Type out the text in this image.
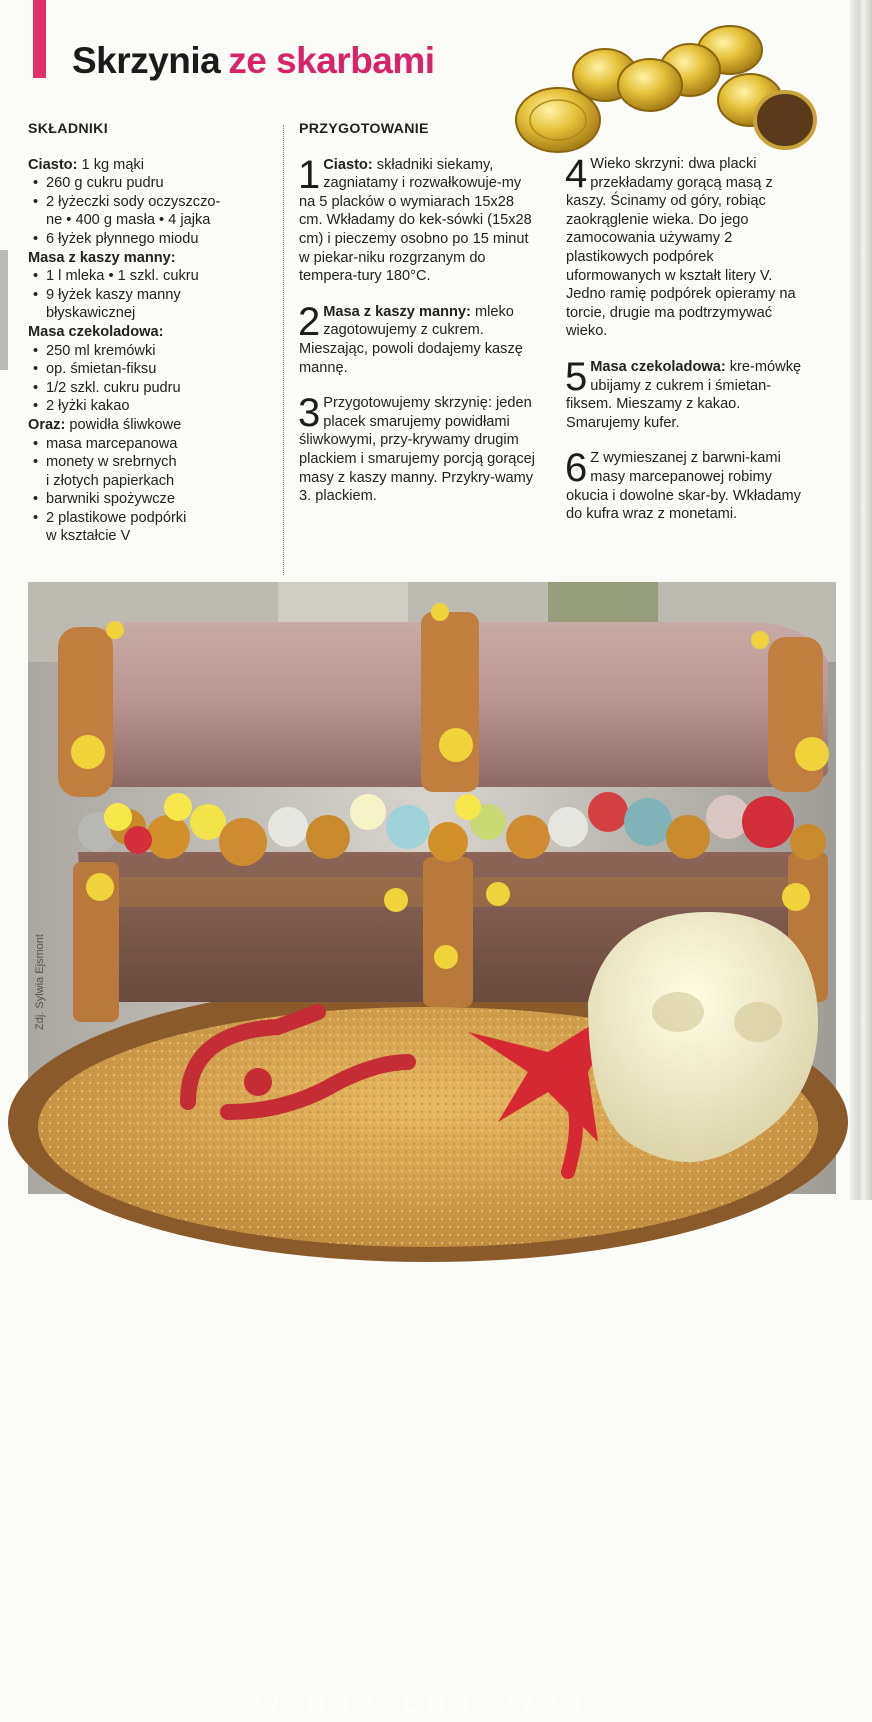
Skrzynia ze skarbami
SKŁADNIKI
Ciasto: 1 kg mąki
• 260 g cukru pudru
• 2 łyżeczki sody oczyszczo-
ne • 400 g masła • 4 jajka
• 6 łyżek płynnego miodu
Masa z kaszy manny:
• 1 l mleka • 1 szkl. cukru
• 9 łyżek kaszy manny
błyskawicznej
Masa czekoladowa:
• 250 ml kremówki
• op. śmietan-fiksu
• 1/2 szkl. cukru pudru
• 2 łyżki kakao
Oraz: powidła śliwkowe
• masa marcepanowa
• monety w srebrnych
i złotych papierkach
• barwniki spożywcze
• 2 plastikowe podpórki
w kształcie V
PRZYGOTOWANIE
1 Ciasto: składniki siekamy, zagniatamy i rozwałkowuje-my na 5 placków o wymiarach 15x28 cm. Wkładamy do kek-sówki (15x28 cm) i pieczemy osobno po 15 minut w piekar-niku rozgrzanym do tempera-tury 180°C.
2 Masa z kaszy manny: mleko zagotowujemy z cukrem. Mieszając, powoli dodajemy kaszę mannę.
3 Przygotowujemy skrzynię: jeden placek smarujemy powidłami śliwkowymi, przy-krywamy drugim plackiem i smarujemy porcją gorącej masy z kaszy manny. Przykry-wamy 3. plackiem.
4 Wieko skrzyni: dwa placki przekładamy gorącą masą z kaszy. Ścinamy od góry, robiąc zaokrąglenie wieka. Do jego zamocowania używamy 2 plastikowych podpórek uformowanych w kształt litery V. Jedno ramię podpórek opieramy na torcie, drugie ma podtrzymywać wieko.
5 Masa czekoladowa: kre-mówkę ubijamy z cukrem i śmietan-fiksem. Mieszamy z kakao. Smarujemy kufer.
6 Z wymieszanej z barwni-kami masy marcepanowej robimy okucia i dowolne skar-by. Wkładamy do kufra wraz z monetami.
wedlug-domowe.pl
Zdj. Sylwia Ejsmont
